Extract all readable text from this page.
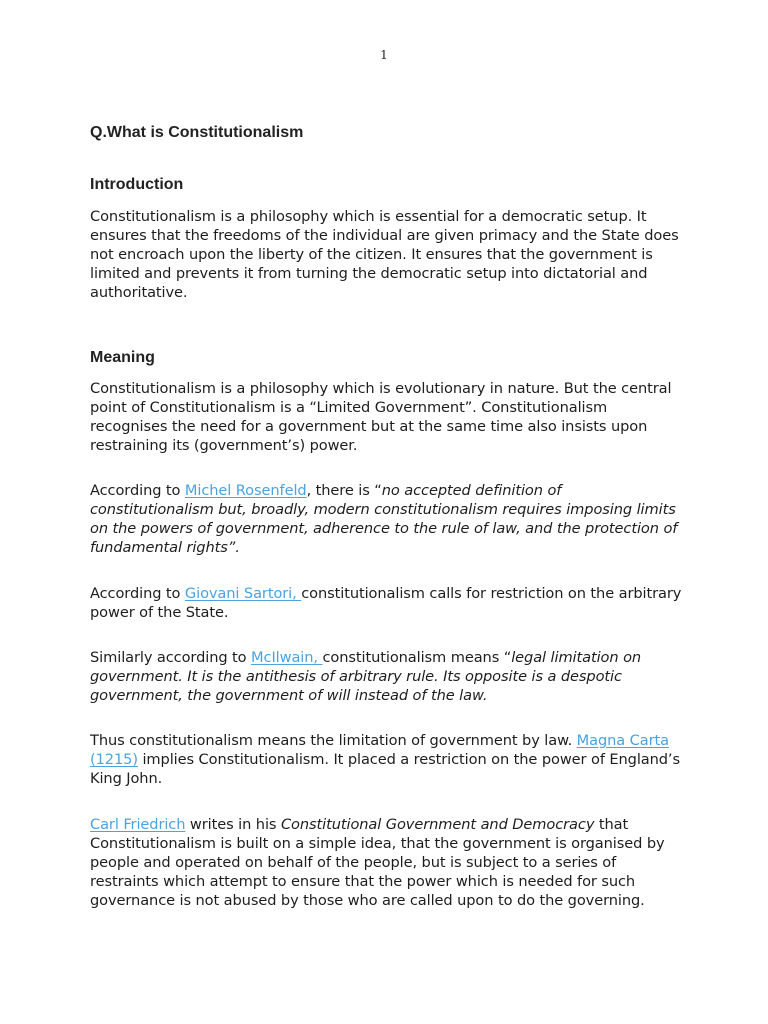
1
Q.What is Constitutionalism
Introduction

Constitutionalism is a philosophy which is essential for a democratic setup. It ensures that the freedoms of the individual are given primacy and the State does not encroach upon the liberty of the citizen. It ensures that the government is limited and prevents it from turning the democratic setup into dictatorial and authoritative.

Meaning

Constitutionalism is a philosophy which is evolutionary in nature. But the central point of Constitutionalism is a “Limited Government”. Constitutionalism recognises the need for a government but at the same time also insists upon restraining its (government’s) power.

According to Michel Rosenfeld, there is “no accepted definition of constitutionalism but, broadly, modern constitutionalism requires imposing limits on the powers of government, adherence to the rule of law, and the protection of fundamental rights”.

According to Giovani Sartori, constitutionalism calls for restriction on the arbitrary power of the State.

Similarly according to McIlwain, constitutionalism means “legal limitation on government. It is the antithesis of arbitrary rule. Its opposite is a despotic government, the government of will instead of the law.

Thus constitutionalism means the limitation of government by law. Magna Carta (1215) implies Constitutionalism. It placed a restriction on the power of England’s King John.

Carl Friedrich writes in his Constitutional Government and Democracy that Constitutionalism is built on a simple idea, that the government is organised by people and operated on behalf of the people, but is subject to a series of restraints which attempt to ensure that the power which is needed for such governance is not abused by those who are called upon to do the governing.
